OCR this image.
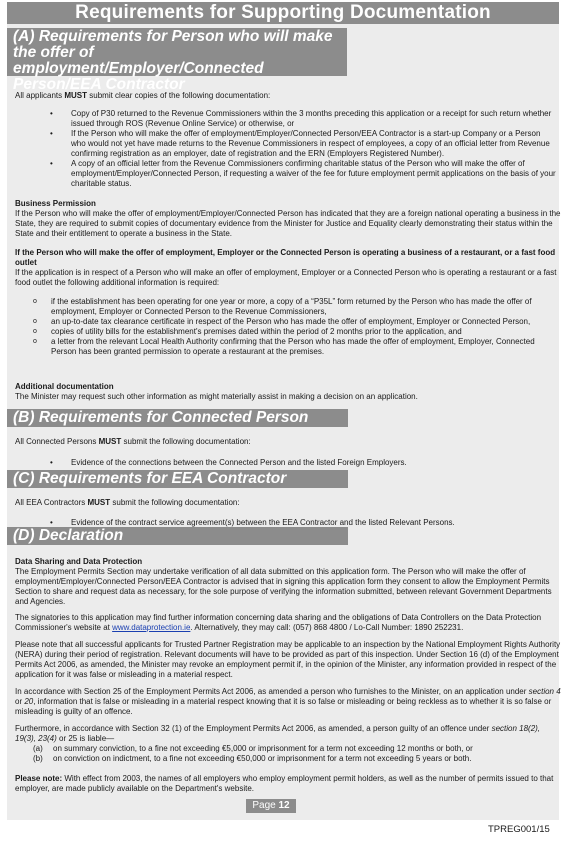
Requirements for Supporting Documentation
(A) Requirements for Person who will make
the offer of employment/Employer/Connected
Person/EEA Contractor
All applicants MUST submit clear copies of the following documentation:
• Copy of P30 returned to the Revenue Commissioners within the 3 months preceding this application or a receipt for such return whether issued through ROS (Revenue Online Service) or otherwise, or
• If the Person who will make the offer of employment/Employer/Connected Person/EEA Contractor is a start-up Company or a Person who would not yet have made returns to the Revenue Commissioners in respect of employees, a copy of an official letter from Revenue confirming registration as an employer, date of registration and the ERN (Employers Registered Number).
• A copy of an official letter from the Revenue Commissioners confirming charitable status of the Person who will make the offer of employment/Employer/Connected Person, if requesting a waiver of the fee for future employment permit applications on the basis of your charitable status.

Business Permission

If the Person who will make the offer of employment/Employer/Connected Person has indicated that they are a foreign national operating a business in the State, they are required to submit copies of documentary evidence from the Minister for Justice and Equality clearly demonstrating their status within the State and their entitlement to operate a business in the State.

If the Person who will make the offer of employment, Employer or the Connected Person is operating a business of a restaurant, or a fast food outlet

If the application is in respect of a Person who will make an offer of employment, Employer or a Connected Person who is operating a restaurant or a fast food outlet the following additional information is required:

o if the establishment has been operating for one year or more, a copy of a “P35L” form returned by the Person who has made the offer of employment, Employer or Connected Person to the Revenue Commissioners,
o an up-to-date tax clearance certificate in respect of the Person who has made the offer of employment, Employer or Connected Person,
o copies of utility bills for the establishment's premises dated within the period of 2 months prior to the application, and
o a letter from the relevant Local Health Authority confirming that the Person who has made the offer of employment, Employer, Connected Person has been granted permission to operate a restaurant at the premises.

Additional documentation

The Minister may request such other information as might materially assist in making a decision on an application.

(B) Requirements for Connected Person
All Connected Persons MUST submit the following documentation:
• Evidence of the connections between the Connected Person and the listed Foreign Employers.
(C) Requirements for EEA Contractor
All EEA Contractors MUST submit the following documentation:
• Evidence of the contract service agreement(s) between the EEA Contractor and the listed Relevant Persons.
(D) Declaration

Data Sharing and Data Protection

The Employment Permits Section may undertake verification of all data submitted on this application form. The Person who will make the offer of employment/Employer/Connected Person/EEA Contractor is advised that in signing this application form they consent to allow the Employment Permits Section to share and request data as necessary, for the sole purpose of verifying the information submitted, between relevant Government Departments and Agencies.

The signatories to this application may find further information concerning data sharing and the obligations of Data Controllers on the Data Protection Commissioner's website at www.dataprotection.ie. Alternatively, they may call: (057) 868 4800 / Lo-Call Number: 1890 252231.
Please note that all successful applicants for Trusted Partner Registration may be applicable to an inspection by the National Employment Rights Authority (NERA) during their period of registration. Relevant documents will have to be provided as part of this inspection. Under Section 16 (d) of the Employment Permits Act 2006, as amended, the Minister may revoke an employment permit if, in the opinion of the Minister, any information provided in respect of the application for it was false or misleading in a material respect.
In accordance with Section 25 of the Employment Permits Act 2006, as amended a person who furnishes to the Minister, on an application under section 4 or 20, information that is false or misleading in a material respect knowing that it is so false or misleading or being reckless as to whether it is so false or misleading is guilty of an offence.
Furthermore, in accordance with Section 32 (1) of the Employment Permits Act 2006, as amended, a person guilty of an offence under section 18(2), 19(3), 23(4) or 25 is liable—
(a) on summary conviction, to a fine not exceeding €5,000 or imprisonment for a term not exceeding 12 months or both, or
(b) on conviction on indictment, to a fine not exceeding €50,000 or imprisonment for a term not exceeding 5 years or both.
Please note: With effect from 2003, the names of all employers who employ employment permit holders, as well as the number of permits issued to that employer, are made publicly available on the Department's website.
Page 12
TPREG001/15
